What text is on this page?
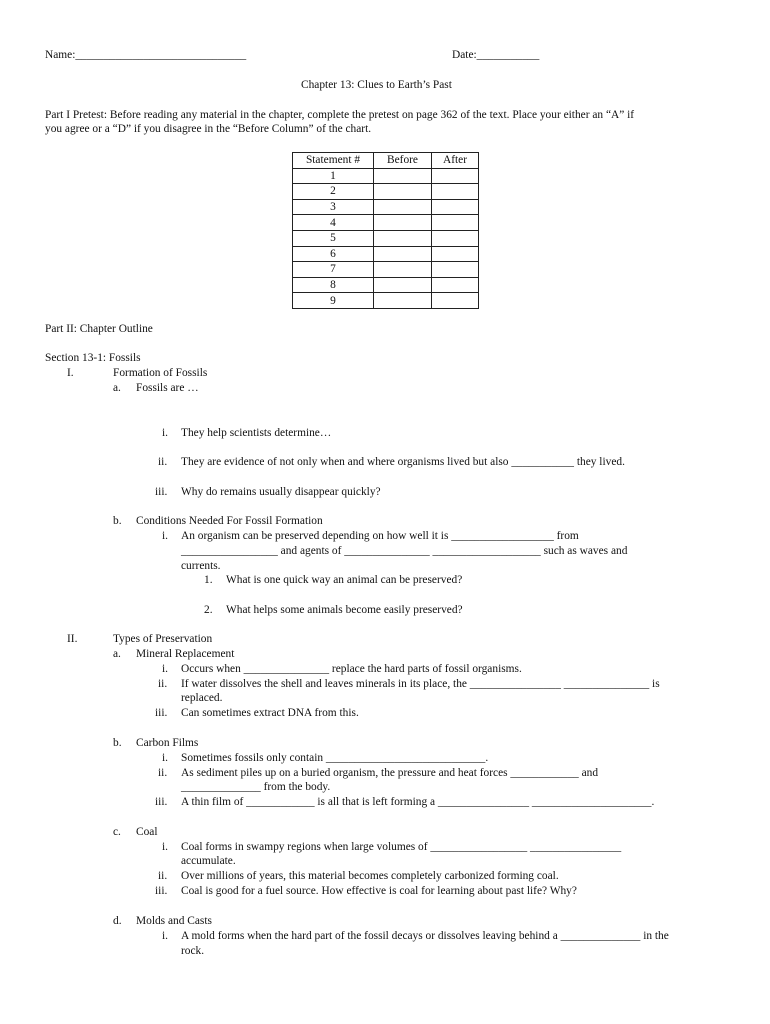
Name:______________________________	Date:___________
Chapter 13: Clues to Earth’s Past
Part I Pretest: Before reading any material in the chapter, complete the pretest on page 362 of the text. Place your either an “A” if
you agree or a “D” if you disagree in the “Before Column” of the chart.
Statement #	Before	After
1		
2		
3		
4		
5		
6		
7		
8		
9		
Part II: Chapter Outline
Section 13-1: Fossils
I.	Formation of Fossils
a. Fossils are …
i. They help scientists determine…
ii. They are evidence of not only when and where organisms lived but also ___________ they lived.
iii. Why do remains usually disappear quickly?
b. Conditions Needed For Fossil Formation
i. An organism can be preserved depending on how well it is __________________ from
_________________ and agents of _______________ ___________________ such as waves and
currents.
1. What is one quick way an animal can be preserved?
2. What helps some animals become easily preserved?
II.	Types of Preservation
a. Mineral Replacement
i. Occurs when _______________ replace the hard parts of fossil organisms.
ii. If water dissolves the shell and leaves minerals in its place, the ________________ _______________ is
replaced.
iii. Can sometimes extract DNA from this.
b. Carbon Films
i. Sometimes fossils only contain ____________________________.
ii. As sediment piles up on a buried organism, the pressure and heat forces ____________ and
______________ from the body.
iii. A thin film of ____________ is all that is left forming a ________________ _____________________.
c. Coal
i. Coal forms in swampy regions when large volumes of _________________ ________________
accumulate.
ii. Over millions of years, this material becomes completely carbonized forming coal.
iii. Coal is good for a fuel source. How effective is coal for learning about past life? Why?
d. Molds and Casts
i. A mold forms when the hard part of the fossil decays or dissolves leaving behind a ______________ in the
rock.
